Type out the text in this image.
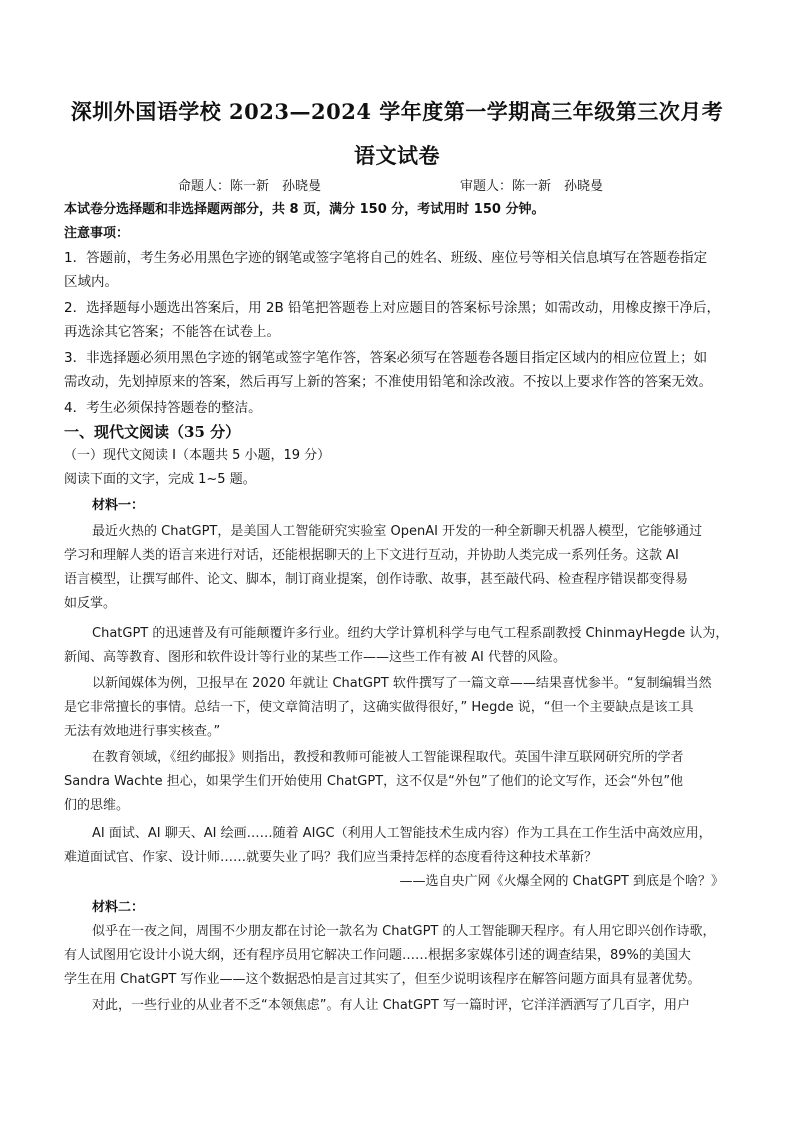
深圳外国语学校 2023—2024 学年度第一学期高三年级第三次月考
语文试卷
命题人：陈一新　孙晓曼	审题人：陈一新　孙晓曼
本试卷分选择题和非选择题两部分，共 8 页，满分 150 分，考试用时 150 分钟。
注意事项：
1．答题前，考生务必用黑色字迹的钢笔或签字笔将自己的姓名、班级、座位号等相关信息填写在答题卷指定
区域内。
2．选择题每小题选出答案后，用 2B 铅笔把答题卷上对应题目的答案标号涂黑；如需改动，用橡皮擦干净后，
再选涂其它答案；不能答在试卷上。
3．非选择题必须用黑色字迹的钢笔或签字笔作答，答案必须写在答题卷各题目指定区域内的相应位置上；如
需改动，先划掉原来的答案，然后再写上新的答案；不准使用铅笔和涂改液。不按以上要求作答的答案无效。
4．考生必须保持答题卷的整洁。
一、现代文阅读（35 分）
（一）现代文阅读 I（本题共 5 小题，19 分）
阅读下面的文字，完成 1~5 题。
材料一：
最近火热的 ChatGPT，是美国人工智能研究实验室 OpenAI 开发的一种全新聊天机器人模型，它能够通过
学习和理解人类的语言来进行对话，还能根据聊天的上下文进行互动，并协助人类完成一系列任务。这款 AI
语言模型，让撰写邮件、论文、脚本，制订商业提案，创作诗歌、故事，甚至敲代码、检查程序错误都变得易
如反掌。
ChatGPT 的迅速普及有可能颠覆许多行业。纽约大学计算机科学与电气工程系副教授 ChinmayHegde 认为，
新闻、高等教育、图形和软件设计等行业的某些工作——这些工作有被 AI 代替的风险。
以新闻媒体为例，卫报早在 2020 年就让 ChatGPT 软件撰写了一篇文章——结果喜忧参半。“复制编辑当然
是它非常擅长的事情。总结一下，使文章简洁明了，这确实做得很好，” Hegde 说，“但一个主要缺点是该工具
无法有效地进行事实核查。”
在教育领域，《纽约邮报》则指出，教授和教师可能被人工智能课程取代。英国牛津互联网研究所的学者
Sandra Wachte 担心，如果学生们开始使用 ChatGPT，这不仅是“外包”了他们的论文写作，还会“外包”他
们的思维。
AI 面试、AI 聊天、AI 绘画……随着 AIGC（利用人工智能技术生成内容）作为工具在工作生活中高效应用，
难道面试官、作家、设计师……就要失业了吗？我们应当秉持怎样的态度看待这种技术革新？
——选自央广网《火爆全网的 ChatGPT 到底是个啥？》
材料二：
似乎在一夜之间，周围不少朋友都在讨论一款名为 ChatGPT 的人工智能聊天程序。有人用它即兴创作诗歌，
有人试图用它设计小说大纲，还有程序员用它解决工作问题……根据多家媒体引述的调查结果，89%的美国大
学生在用 ChatGPT 写作业——这个数据恐怕是言过其实了，但至少说明该程序在解答问题方面具有显著优势。
对此，一些行业的从业者不乏“本领焦虑”。有人让 ChatGPT 写一篇时评，它洋洋洒洒写了几百字，用户
